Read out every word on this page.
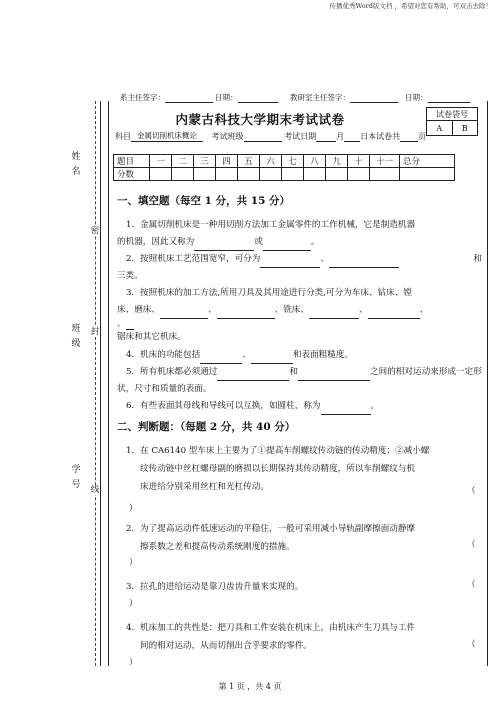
传播优秀Word版文档 ，希望对您有帮助，可双击去除！
系主任签字：	日期：	教研室主任签字：	日期：
姓
名
班
级
学
号
密
封
线
内蒙古科技大学期末考试试卷	试卷袋号
A	B
科目 金属切削机床概论 考试班级	考试日期	月 日本试卷共 页
题目	一	二	三	四	五	六	七	八	九	十	十一	总分
分数												
一、填空题（每空 1 分，共 15 分）
1．金属切削机床是一种用切削方法加工金属零件的工作机械，它是制造机器
的机器，因此又称为	或	。
2．按照机床工艺范围宽窄，可分为	、	和
三类。
3．按照机床的加工方法,所用刀具及其用途进行分类,可分为车床、钻床、镗
床、磨床、	、	、铣床、	、	、
、
锯床和其它机床。
4．机床的功能包括	、	和表面粗糙度。
5．所有机床都必须通过	和	之间的相对运动来形成一定形
状，尺寸和质量的表面。
6．有些表面其母线和导线可以互换，如圆柱，称为	。
二、判断题：（每题 2 分，共 40 分）
1．在 CA6140 型车床上主要为了①提高车削螺纹传动链的传动精度；②减小螺
纹传动链中丝杠螺母副的磨损以长期保持其传动精度，所以车削螺纹与机
床进给分别采用丝杠和光杠传动。	（
）
2．为了提高运动件低速运动的平稳住，一般可采用减小导轨副摩擦面动静摩
擦系数之差和提高传动系统刚度的措施。	（
）
3．拉孔的进给运动是靠刀齿齿升量来实现的。	（
）
4．机床加工的共性是：把刀具和工件安装在机床上，由机床产生刀具与工件
间的相对运动，从而切削出合乎要求的零件。	（
）
第 1 页 ，共 4 页
